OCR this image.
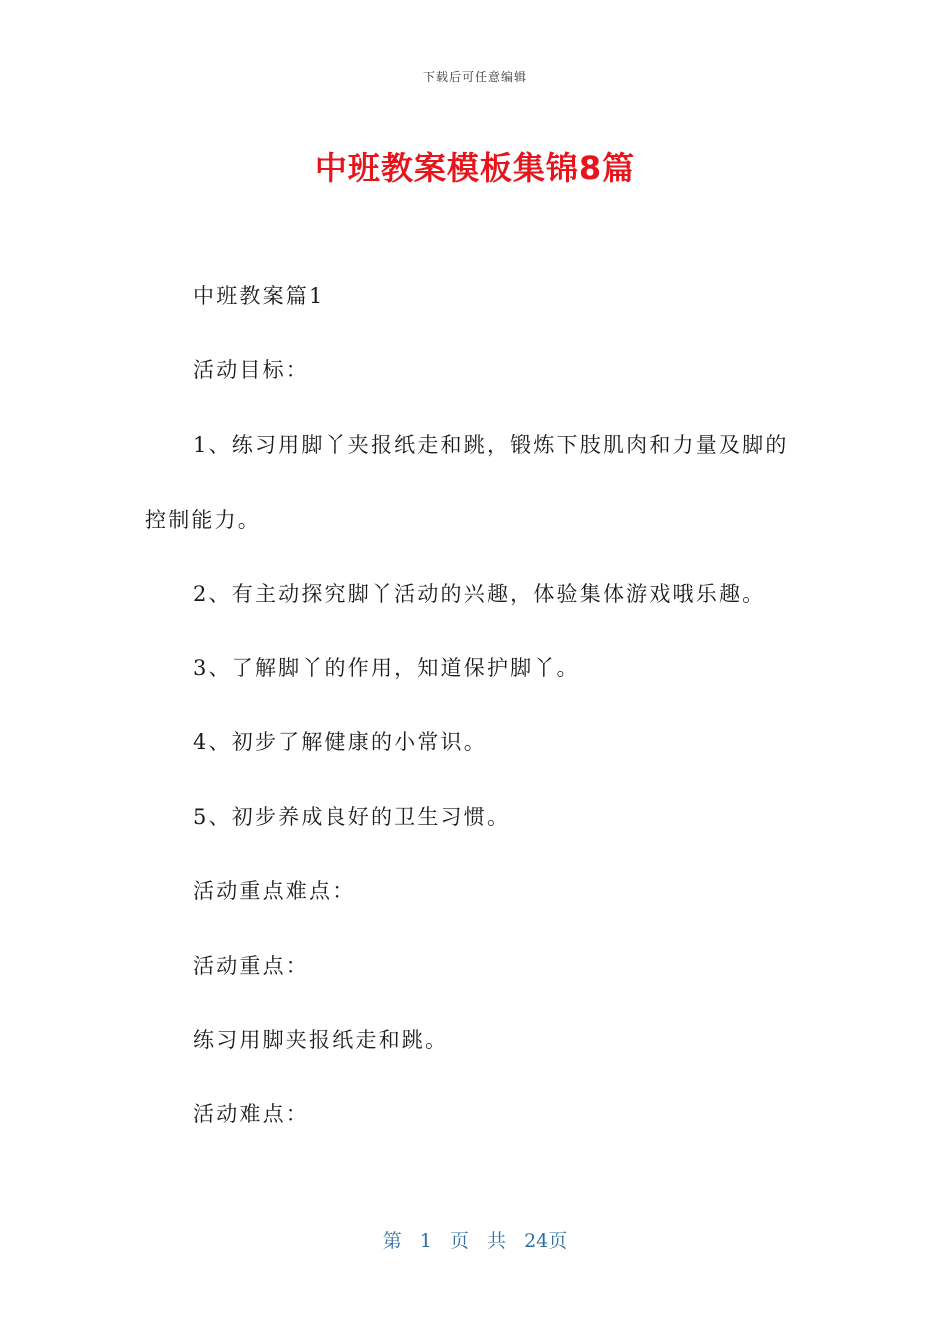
下载后可任意编辑
中班教案模板集锦8篇

中班教案篇1

活动目标：

1、练习用脚丫夹报纸走和跳，锻炼下肢肌肉和力量及脚的

控制能力。

2、有主动探究脚丫活动的兴趣，体验集体游戏哦乐趣。

3、了解脚丫的作用，知道保护脚丫。

4、初步了解健康的小常识。

5、初步养成良好的卫生习惯。

活动重点难点：

活动重点：

练习用脚夹报纸走和跳。

活动难点：

第 1 页 共 24页
